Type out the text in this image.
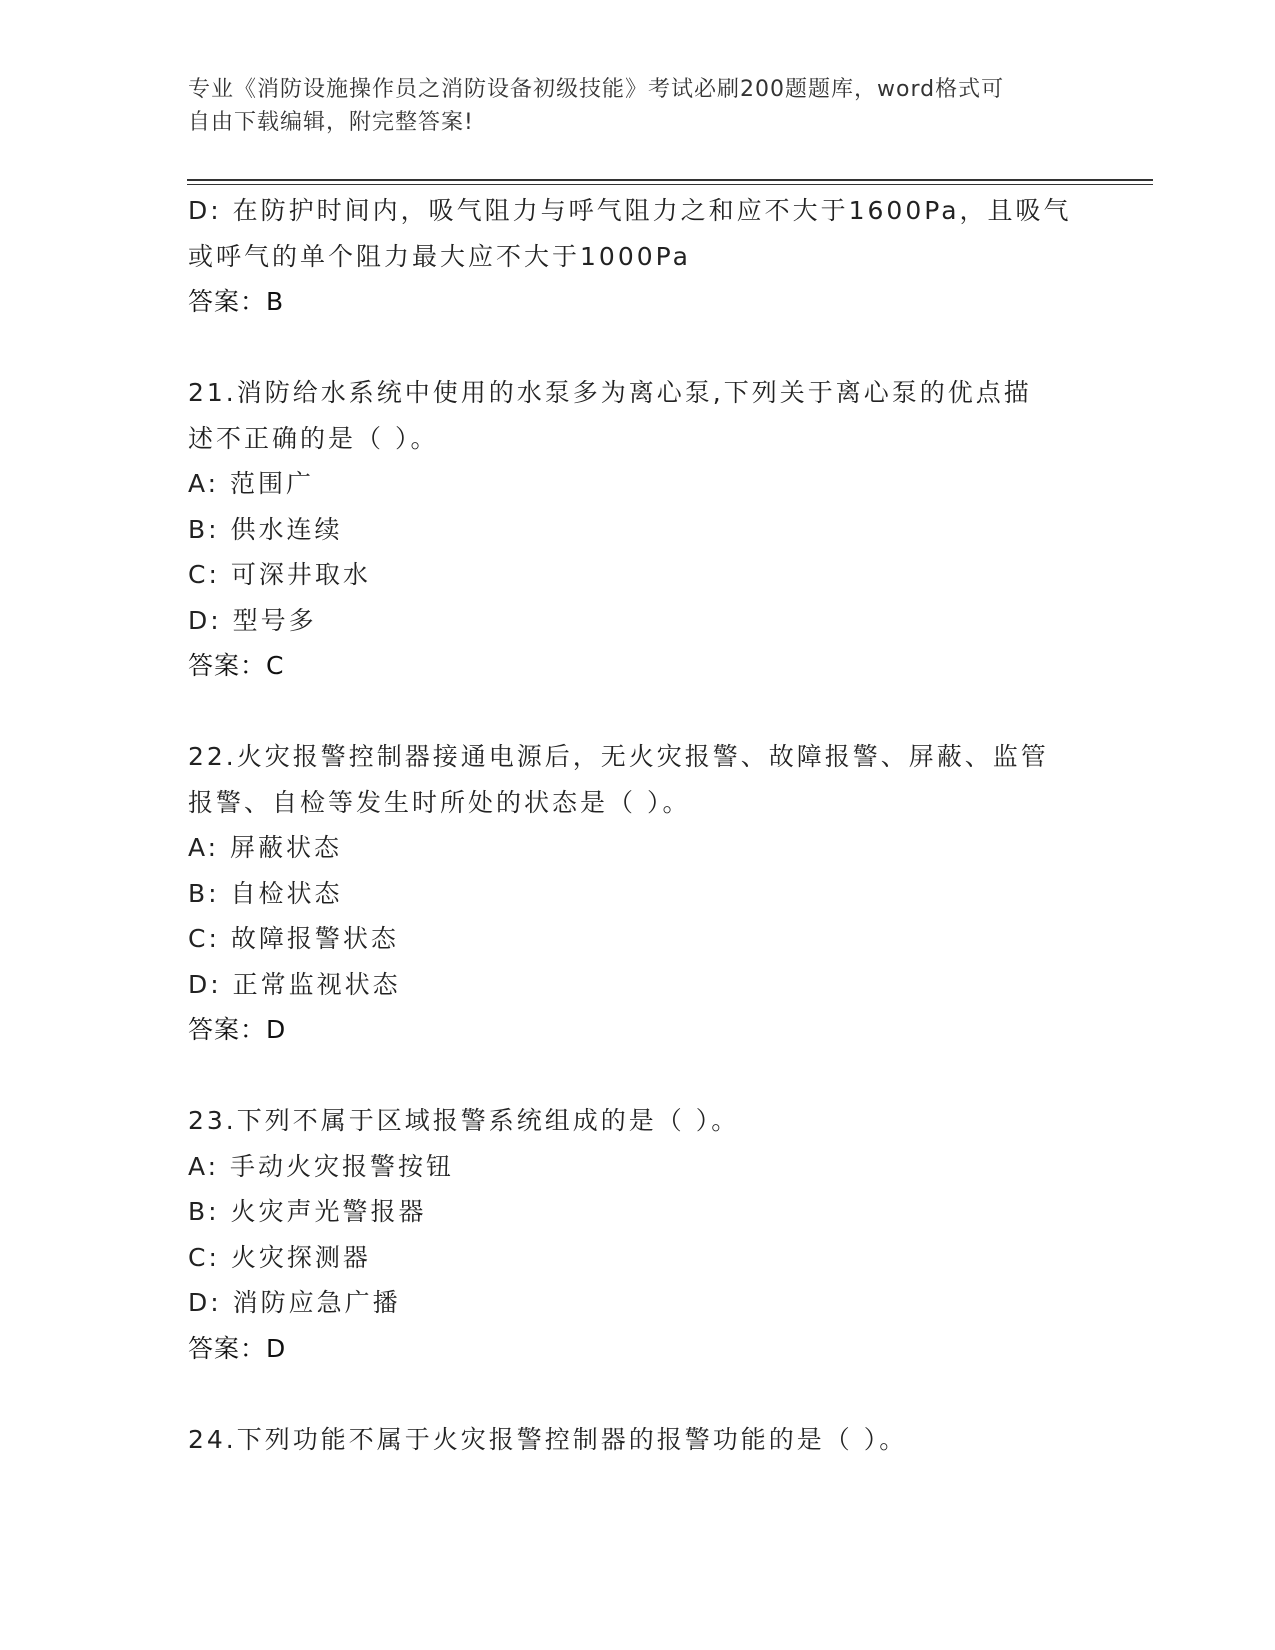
专业《消防设施操作员之消防设备初级技能》考试必刷200题题库，word格式可
自由下载编辑，附完整答案!
D: 在防护时间内，吸气阻力与呼气阻力之和应不大于1600Pa，且吸气
或呼气的单个阻力最大应不大于1000Pa
答案：B
21.消防给水系统中使用的水泵多为离心泵,下列关于离心泵的优点描
述不正确的是（ ）。
A: 范围广
B: 供水连续
C: 可深井取水
D: 型号多
答案：C
22.火灾报警控制器接通电源后，无火灾报警、故障报警、屏蔽、监管
报警、自检等发生时所处的状态是（ ）。
A: 屏蔽状态
B: 自检状态
C: 故障报警状态
D: 正常监视状态
答案：D
23.下列不属于区域报警系统组成的是（ ）。
A: 手动火灾报警按钮
B: 火灾声光警报器
C: 火灾探测器
D: 消防应急广播
答案：D
24.下列功能不属于火灾报警控制器的报警功能的是（ ）。
